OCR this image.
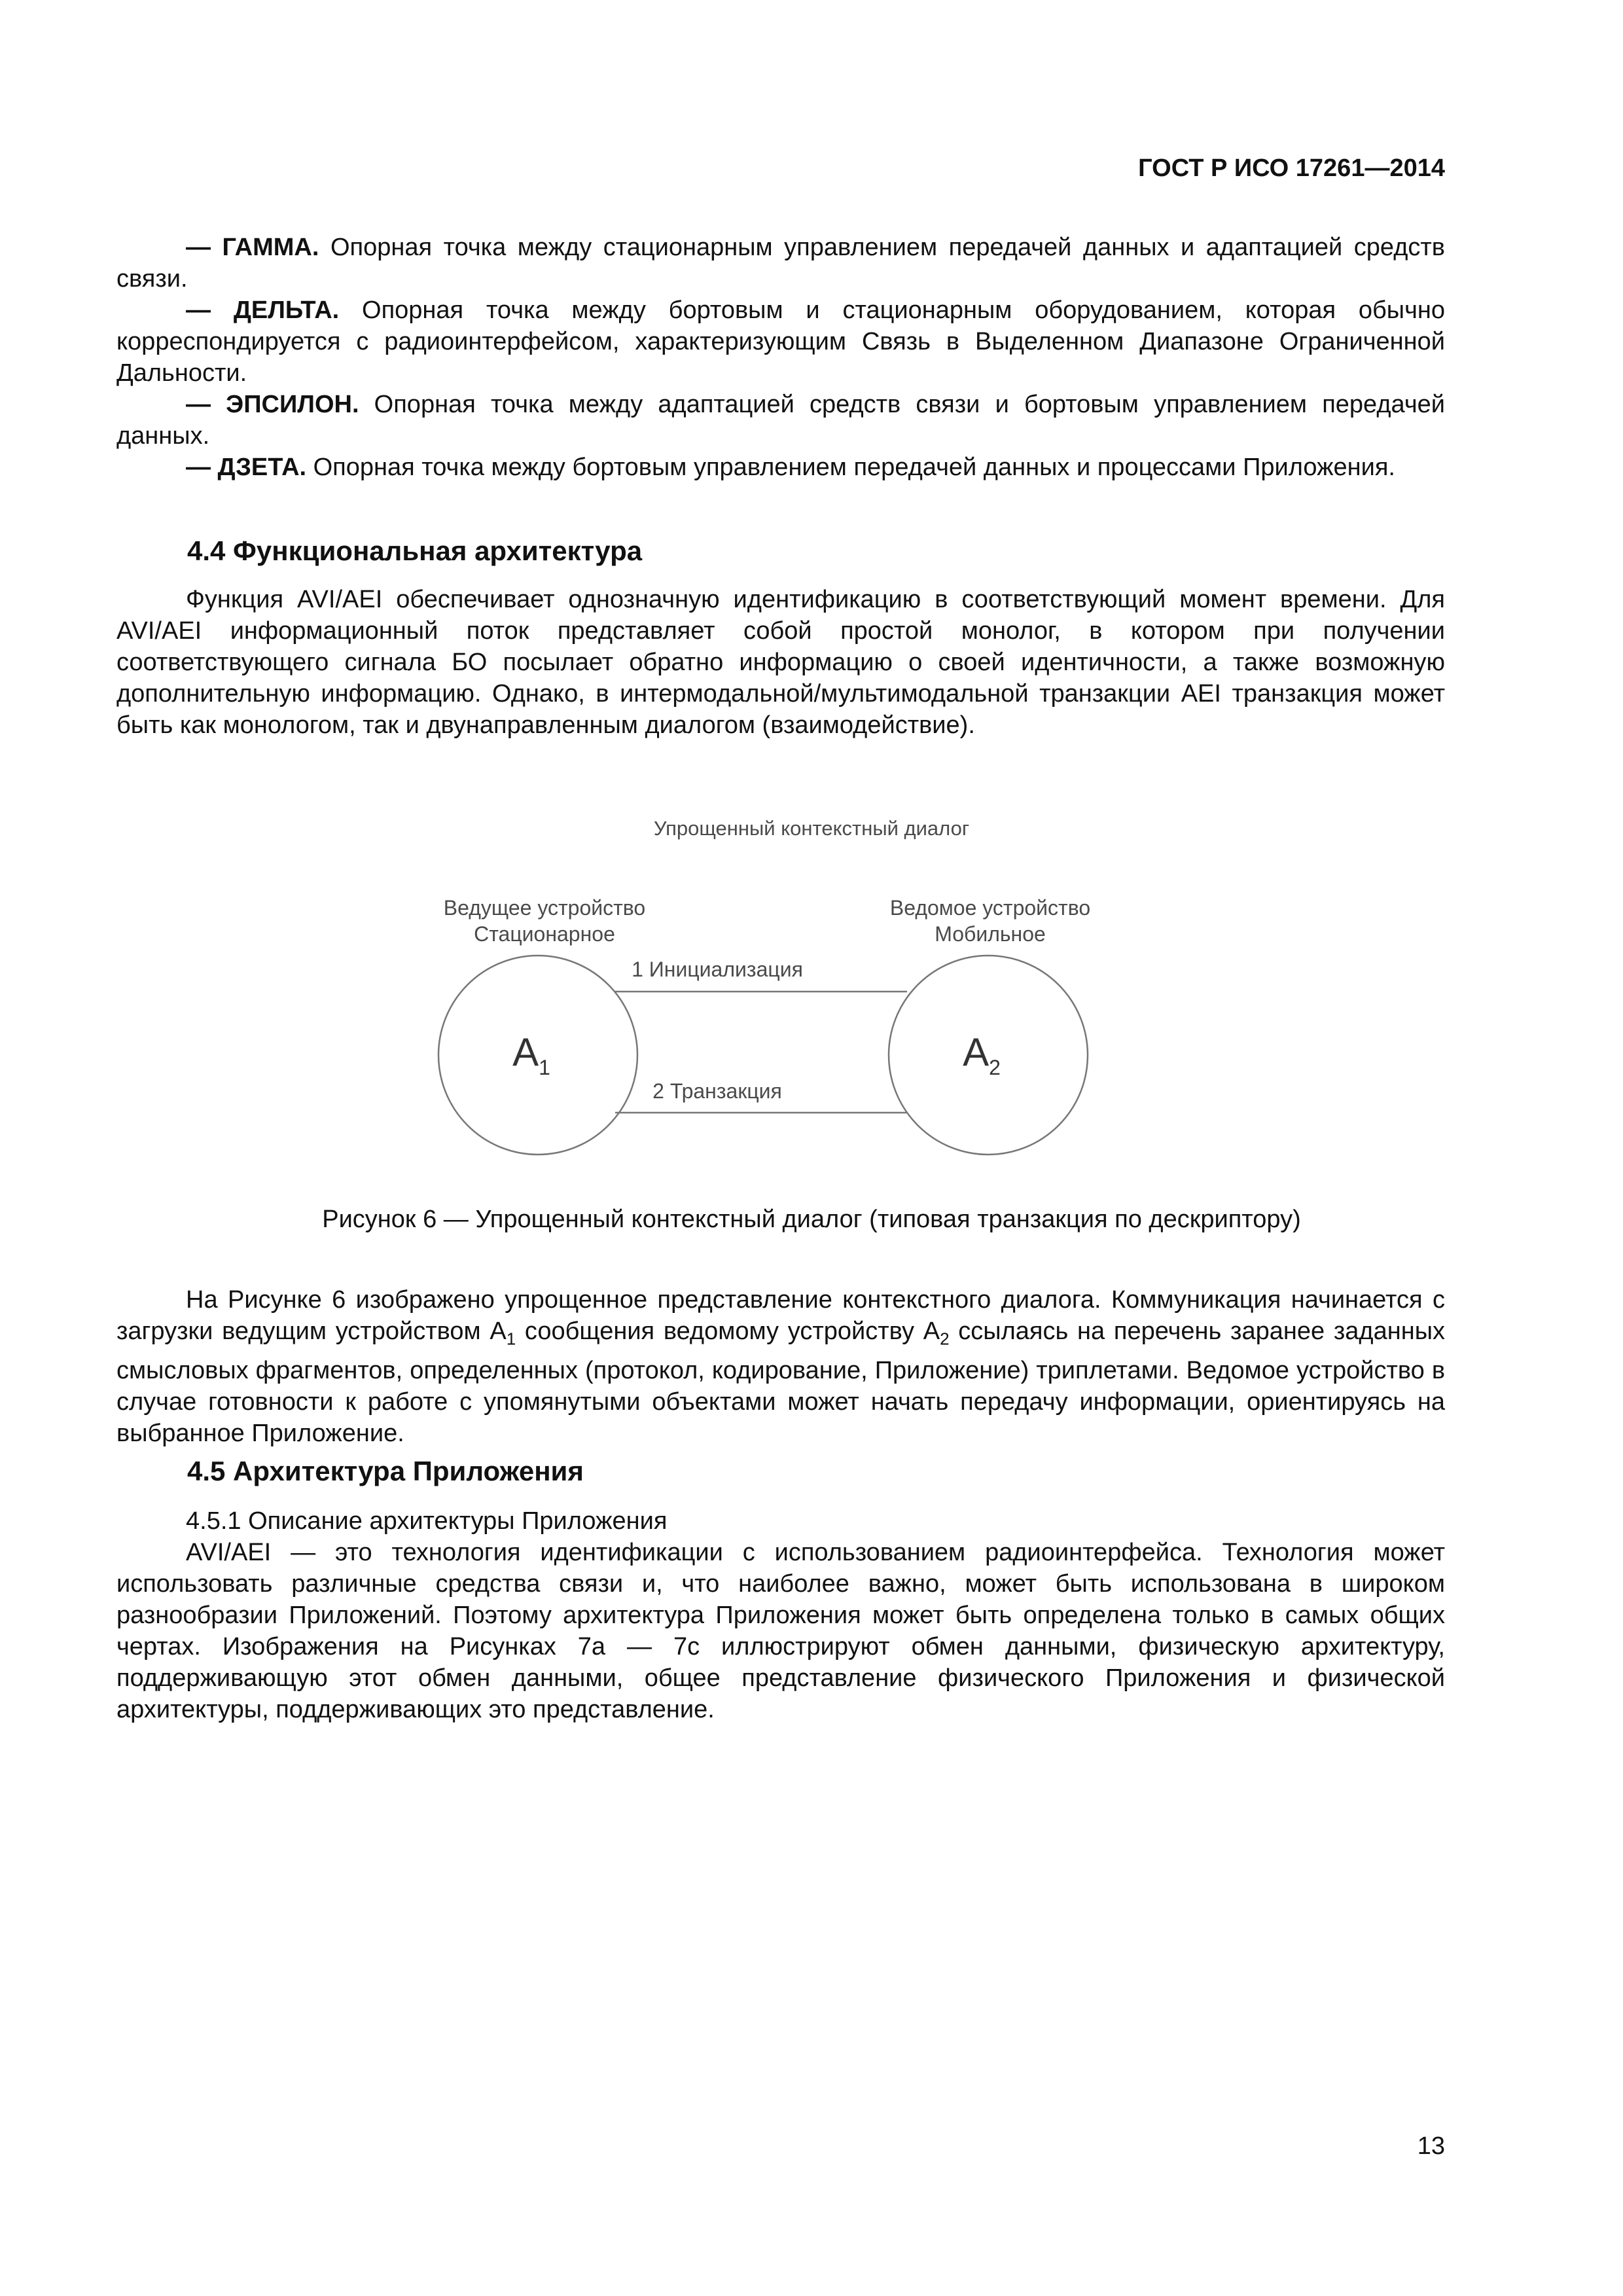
ГОСТ Р ИСО 17261—2014

— ГАММА. Опорная точка между стационарным управлением передачей данных и адаптацией средств связи.

— ДЕЛЬТА. Опорная точка между бортовым и стационарным оборудованием, которая обычно корреспондируется с радиоинтерфейсом, характеризующим Связь в Выделенном Диапазоне Ограниченной Дальности.

— ЭПСИЛОН. Опорная точка между адаптацией средств связи и бортовым управлением передачей данных.

— ДЗЕТА. Опорная точка между бортовым управлением передачей данных и процессами Приложения.

4.4 Функциональная архитектура

Функция AVI/AEI обеспечивает однозначную идентификацию в соответствующий момент времени. Для AVI/AEI информационный поток представляет собой простой монолог, в котором при получении соответствующего сигнала БО посылает обратно информацию о своей идентичности, а также возможную дополнительную информацию. Однако, в интермодальной/мультимодальной транзакции AEI транзакция может быть как монологом, так и двунаправленным диалогом (взаимодействие).

Упрощенный контекстный диалог
Ведущее устройство
Стационарное
Ведомое устройство
Мобильное
1 Инициализация
2 Транзакция
$A_1$	$A_2$
Рисунок 6 — Упрощенный контекстный диалог (типовая транзакция по дескриптору)

На Рисунке 6 изображено упрощенное представление контекстного диалога. Коммуникация начинается с загрузки ведущим устройством $A_1$ сообщения ведомому устройству $A_2$ ссылаясь на перечень заранее заданных смысловых фрагментов, определенных (протокол, кодирование, Приложение) триплетами. Ведомое устройство в случае готовности к работе с упомянутыми объектами может начать передачу информации, ориентируясь на выбранное Приложение.

4.5 Архитектура Приложения

4.5.1 Описание архитектуры Приложения

AVI/AEI — это технология идентификации с использованием радиоинтерфейса. Технология может использовать различные средства связи и, что наиболее важно, может быть использована в широком разнообразии Приложений. Поэтому архитектура Приложения может быть определена только в самых общих чертах. Изображения на Рисунках 7а — 7с иллюстрируют обмен данными, физическую архитектуру, поддерживающую этот обмен данными, общее представление физического Приложения и физической архитектуры, поддерживающих это представление.

13
